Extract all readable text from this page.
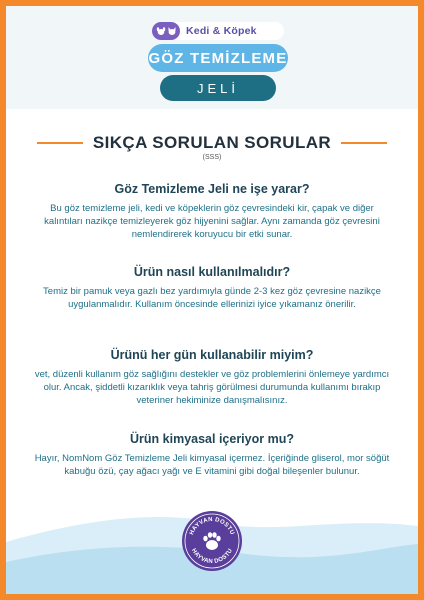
Kedi & Köpek
GÖZ TEMİZLEME
JELİ
SIKÇA SORULAN SORULAR
(SSS)

Göz Temizleme Jeli ne işe yarar?

Bu göz temizleme jeli, kedi ve köpeklerin göz çevresindeki kir, çapak ve diğer kalıntıları nazikçe temizleyerek göz hijyenini sağlar. Aynı zamanda göz çevresini nemlendirerek koruyucu bir etki sunar.

Ürün nasıl kullanılmalıdır?

Temiz bir pamuk veya gazlı bez yardımıyla günde 2-3 kez göz çevresine nazikçe uygulanmalıdır. Kullanım öncesinde ellerinizi iyice yıkamanız önerilir.

Ürünü her gün kullanabilir miyim?

vet, düzenli kullanım göz sağlığını destekler ve göz problemlerini önlemeye yardımcı olur. Ancak, şiddetli kızarıklık veya tahriş görülmesi durumunda kullanımı bırakıp veteriner hekiminize danışmalısınız.

Ürün kimyasal içeriyor mu?

Hayır, NomNom Göz Temizleme Jeli kimyasal içermez. İçeriğinde gliserol, mor söğüt kabuğu özü, çay ağacı yağı ve E vitamini gibi doğal bileşenler bulunur.

HAYVAN DOSTU
HAYVAN DOSTU
